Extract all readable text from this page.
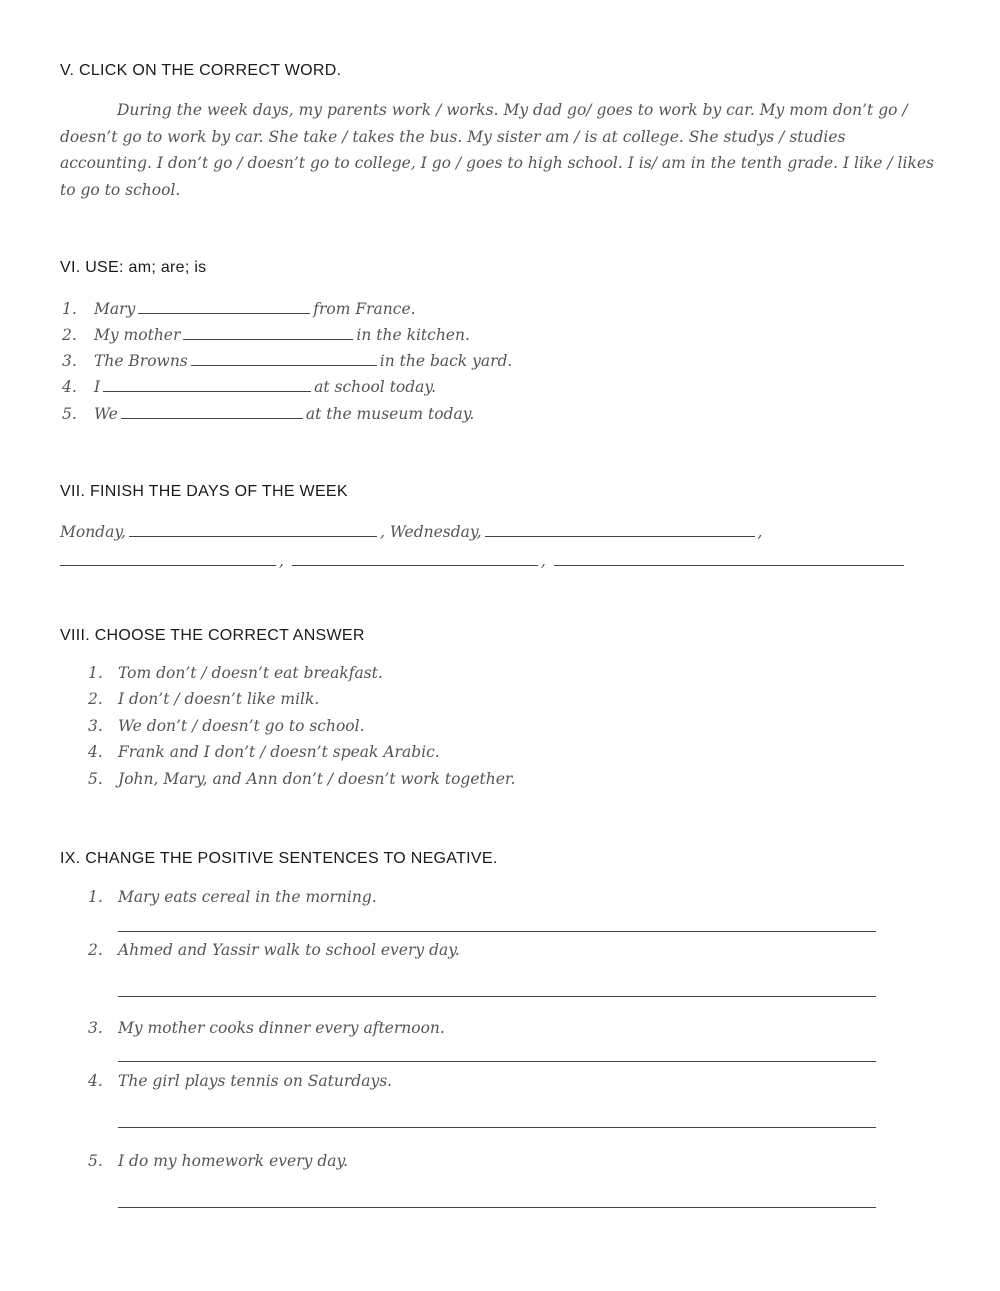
V. CLICK ON THE CORRECT WORD.

During the week days, my parents work / works. My dad go/ goes to work by car. My mom don’t go / doesn’t go to work by car. She take / takes the bus. My sister am / is at college. She studys / studies accounting. I don’t go / doesn’t go to college, I go / goes to high school. I is/ am in the tenth grade. I like / likes to go to school.

VI. USE: am; are; is
1. Mary	from France.
2. My mother	in the kitchen.
3. The Browns	in the back yard.
4. I	at school today.
5. We	at the museum today.
VII. FINISH THE DAYS OF THE WEEK
Monday,	, Wednesday,	,
,	,
VIII. CHOOSE THE CORRECT ANSWER
1. Tom don’t / doesn’t eat breakfast.
2. I don’t / doesn’t like milk.
3. We don’t / doesn’t go to school.
4. Frank and I don’t / doesn’t speak Arabic.
5. John, Mary, and Ann don’t / doesn’t work together.
IX. CHANGE THE POSITIVE SENTENCES TO NEGATIVE.
1. Mary eats cereal in the morning.
2. Ahmed and Yassir walk to school every day.
3. My mother cooks dinner every afternoon.
4. The girl plays tennis on Saturdays.
5. I do my homework every day.
